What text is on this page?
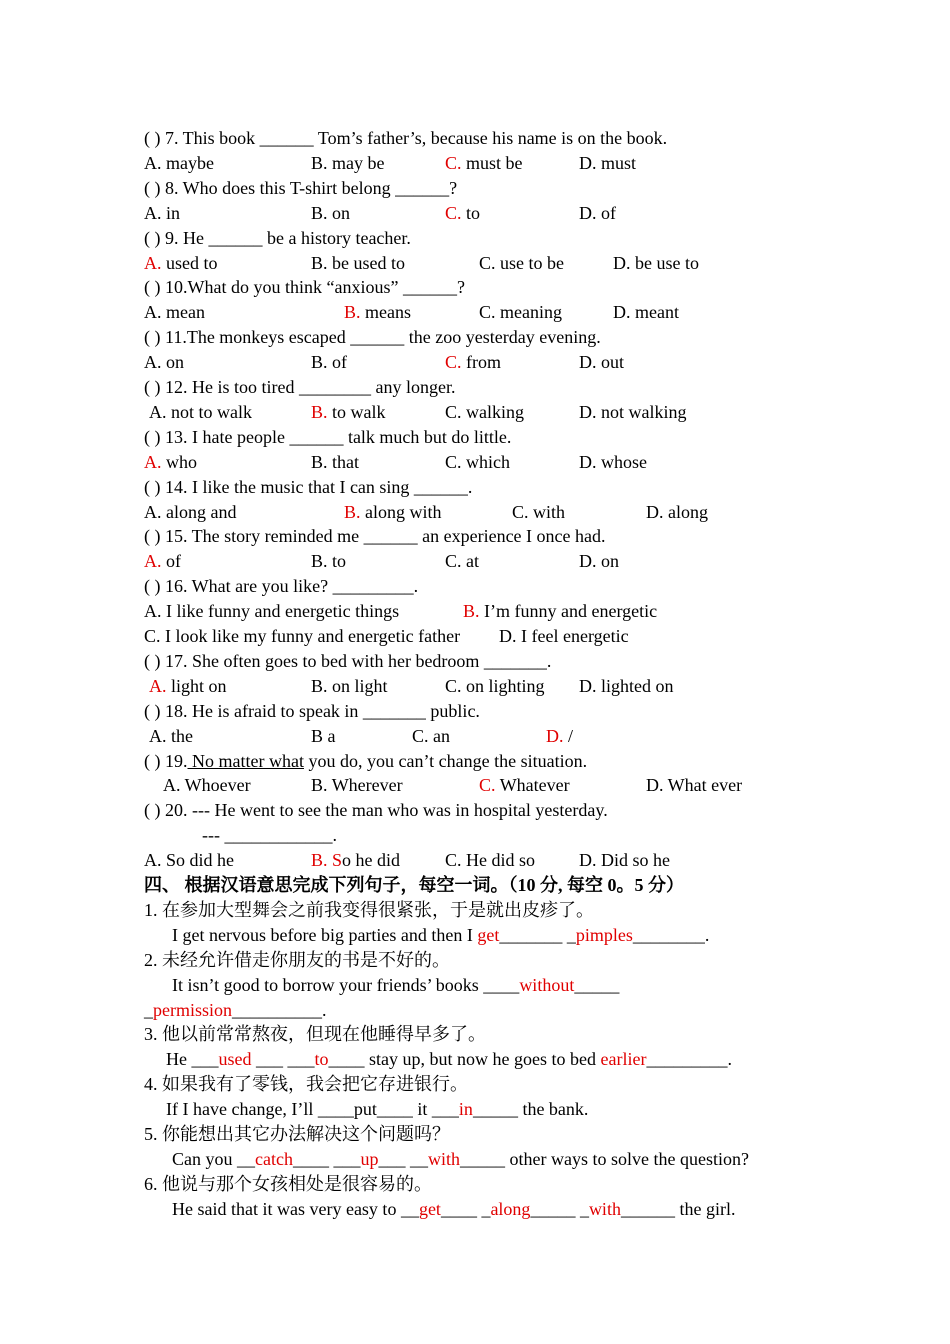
( ) 7. This book ______ Tom’s father’s, because his name is on the book.
A. maybe	B. may be	C. must be	D. must
( ) 8. Who does this T-shirt belong ______?
A. in	B. on	C. to	D. of
( ) 9. He ______ be a history teacher.
A. used to	B. be used to	C. use to be	D. be use to
( ) 10.What do you think “anxious” ______?
A. mean	B. means	C. meaning	D. meant
( ) 11.The monkeys escaped ______ the zoo yesterday evening.
A. on	B. of	C. from	D. out
( ) 12. He is too tired ________ any longer.
A. not to walk	B. to walk	C. walking	D. not walking
( ) 13. I hate people ______ talk much but do little.
A. who	B. that	C. which	D. whose
( ) 14. I like the music that I can sing ______.
A. along and	B. along with	C. with	D. along
( ) 15. The story reminded me ______ an experience I once had.
A. of	B. to	C. at	D. on
( ) 16. What are you like? _________.
A. I like funny and energetic things	B. I’m funny and energetic
C. I look like my funny and energetic father D. I feel energetic
( ) 17. She often goes to bed with her bedroom _______.
A. light on	B. on light	C. on lighting D. lighted on
( ) 18. He is afraid to speak in _______ public.
A. the	B a	C. an	D. /
( ) 19. No matter what you do, you can’t change the situation.
A. Whoever	B. Wherever	C. Whatever	D. What ever
( ) 20. --- He went to see the man who was in hospital yesterday.
--- ____________.
A. So did he	B. So he did C. He did so D. Did so he
四、 根据汉语意思完成下列句子，每空一词。（10 分, 每空 0。5 分）
1. 在参加大型舞会之前我变得很紧张，于是就出皮疹了。
I get nervous before big parties and then I get_______ _pimples________.
2. 未经允许借走你朋友的书是不好的。
It isn’t good to borrow your friends’ books ____without_____
_permission__________.
3. 他以前常常熬夜，但现在他睡得早多了。
He ___used ___ ___to____ stay up, but now he goes to bed earlier_________.
4. 如果我有了零钱，我会把它存进银行。
If I have change, I’ll ____put____ it ___in_____ the bank.
5. 你能想出其它办法解决这个问题吗？
Can you __catch____ ___up___ __with_____ other ways to solve the question?
6. 他说与那个女孩相处是很容易的。
He said that it was very easy to __get____ _along_____ _with______ the girl.
